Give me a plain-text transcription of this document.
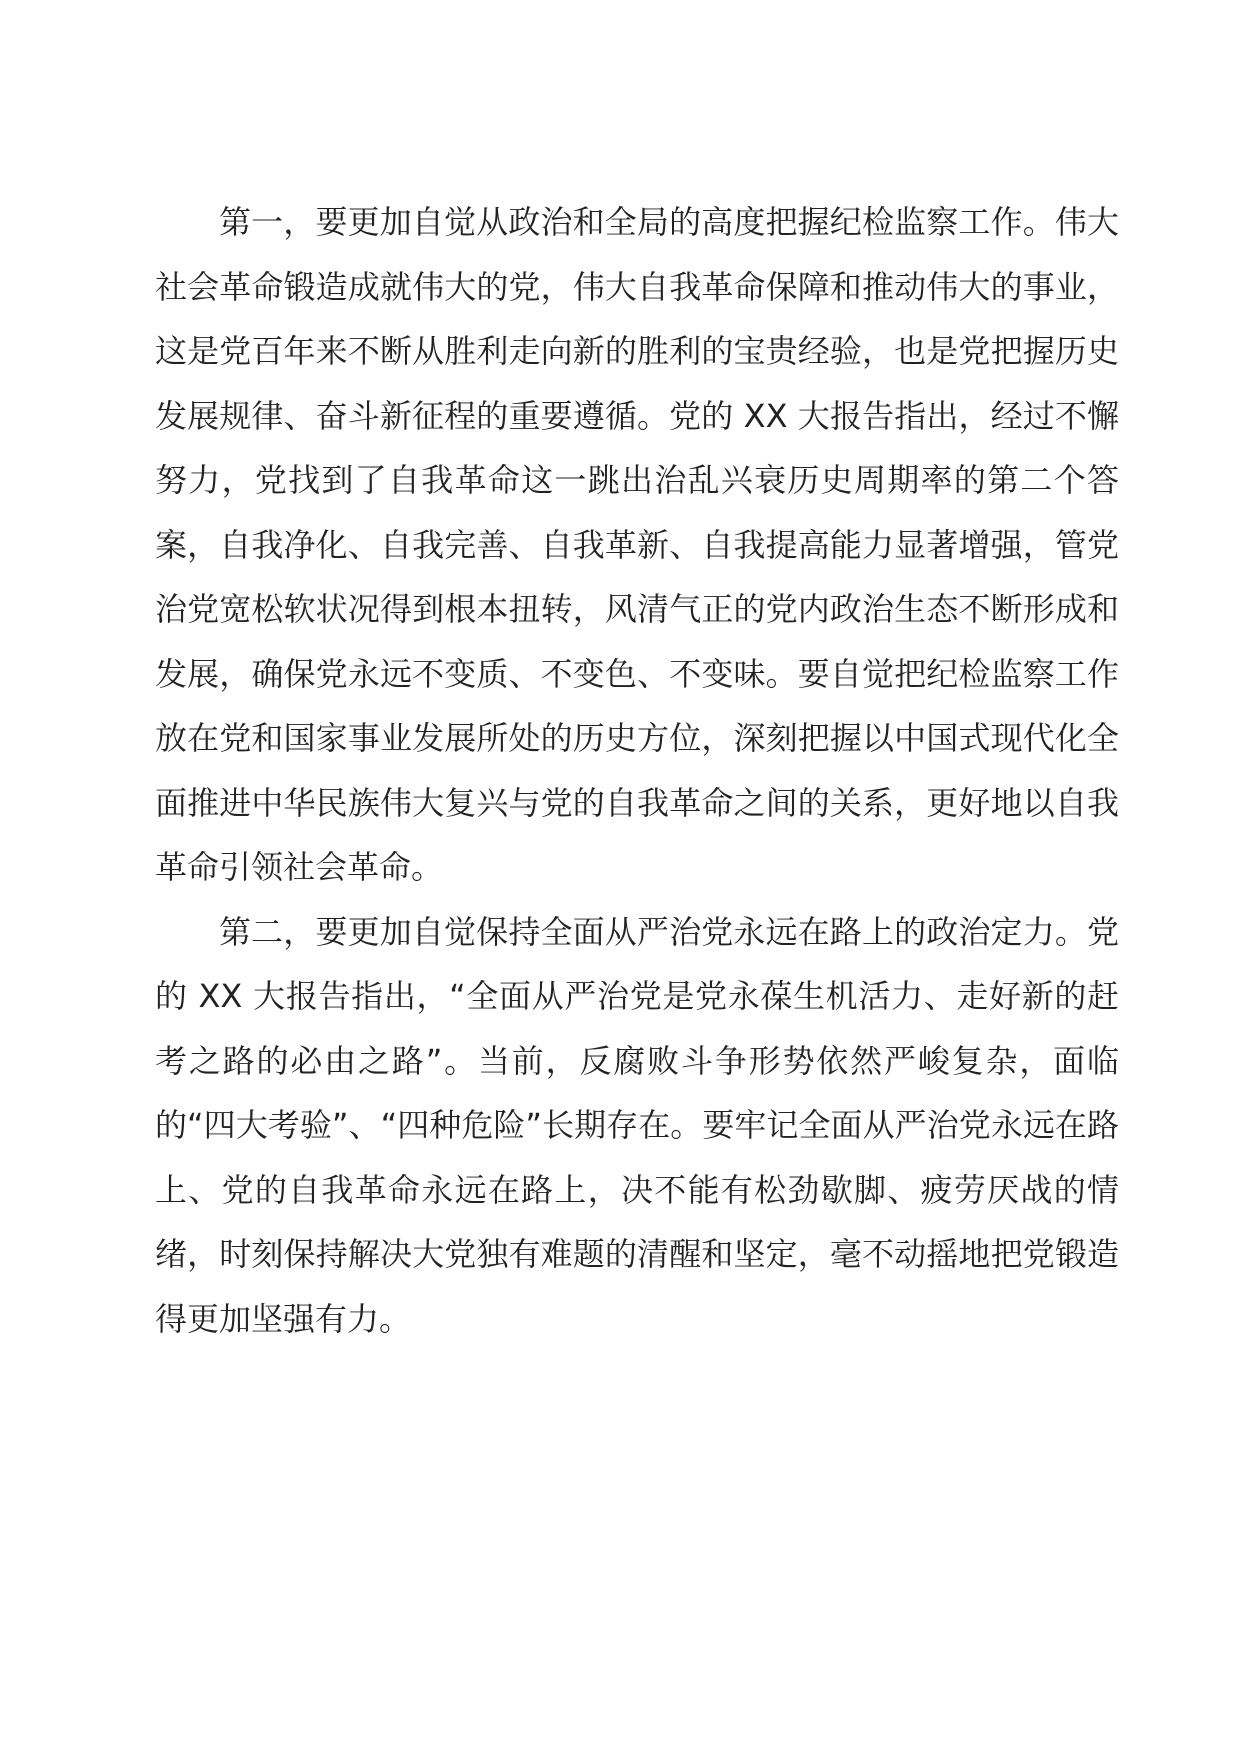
第一，要更加自觉从政治和全局的高度把握纪检监察工作。伟大社会革命锻造成就伟大的党，伟大自我革命保障和推动伟大的事业，这是党百年来不断从胜利走向新的胜利的宝贵经验，也是党把握历史发展规律、奋斗新征程的重要遵循。党的 XX 大报告指出，经过不懈努力，党找到了自我革命这一跳出治乱兴衰历史周期率的第二个答案，自我净化、自我完善、自我革新、自我提高能力显著增强，管党治党宽松软状况得到根本扭转，风清气正的党内政治生态不断形成和发展，确保党永远不变质、不变色、不变味。要自觉把纪检监察工作放在党和国家事业发展所处的历史方位，深刻把握以中国式现代化全面推进中华民族伟大复兴与党的自我革命之间的关系，更好地以自我革命引领社会革命。

第二，要更加自觉保持全面从严治党永远在路上的政治定力。党的 XX 大报告指出，“全面从严治党是党永葆生机活力、走好新的赶考之路的必由之路”。当前，反腐败斗争形势依然严峻复杂，面临的“四大考验”、“四种危险”长期存在。要牢记全面从严治党永远在路上、党的自我革命永远在路上，决不能有松劲歇脚、疲劳厌战的情绪，时刻保持解决大党独有难题的清醒和坚定，毫不动摇地把党锻造得更加坚强有力。
